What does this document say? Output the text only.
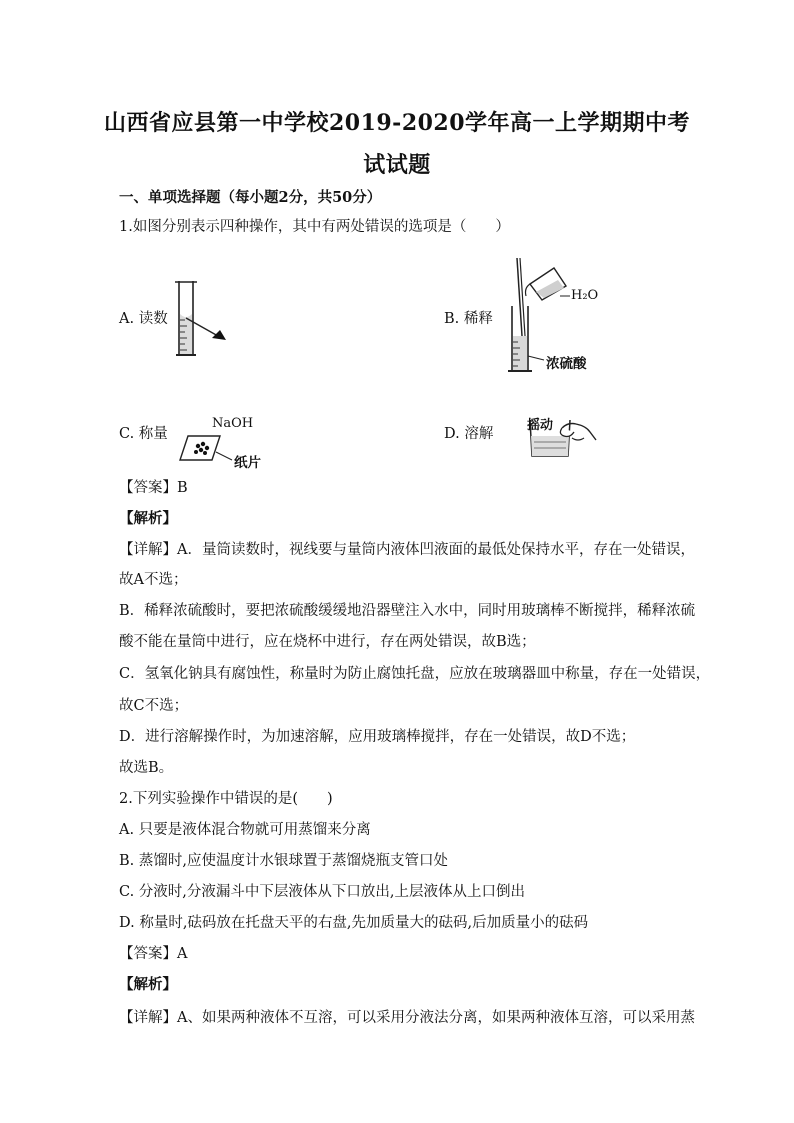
山西省应县第一中学校2019-2020学年高一上学期期中考
试试题
一、单项选择题（每小题2分，共50分）
1.如图分别表示四种操作，其中有两处错误的选项是（　　）
A. 读数	B. 稀释
H₂O
浓硫酸
C. 称量
NaOH
纸片
D. 溶解
摇动
【答案】B
【解析】
【详解】A．量筒读数时，视线要与量筒内液体凹液面的最低处保持水平，存在一处错误，
故A不选；
B．稀释浓硫酸时，要把浓硫酸缓缓地沿器壁注入水中，同时用玻璃棒不断搅拌，稀释浓硫
酸不能在量筒中进行，应在烧杯中进行，存在两处错误，故B选；
C．氢氧化钠具有腐蚀性，称量时为防止腐蚀托盘，应放在玻璃器皿中称量，存在一处错误，
故C不选；
D．进行溶解操作时，为加速溶解，应用玻璃棒搅拌，存在一处错误，故D不选；
故选B。
2.下列实验操作中错误的是(　　)
A. 只要是液体混合物就可用蒸馏来分离
B. 蒸馏时,应使温度计水银球置于蒸馏烧瓶支管口处
C. 分液时,分液漏斗中下层液体从下口放出,上层液体从上口倒出
D. 称量时,砝码放在托盘天平的右盘,先加质量大的砝码,后加质量小的砝码
【答案】A
【解析】
【详解】A、如果两种液体不互溶，可以采用分液法分离，如果两种液体互溶，可以采用蒸
